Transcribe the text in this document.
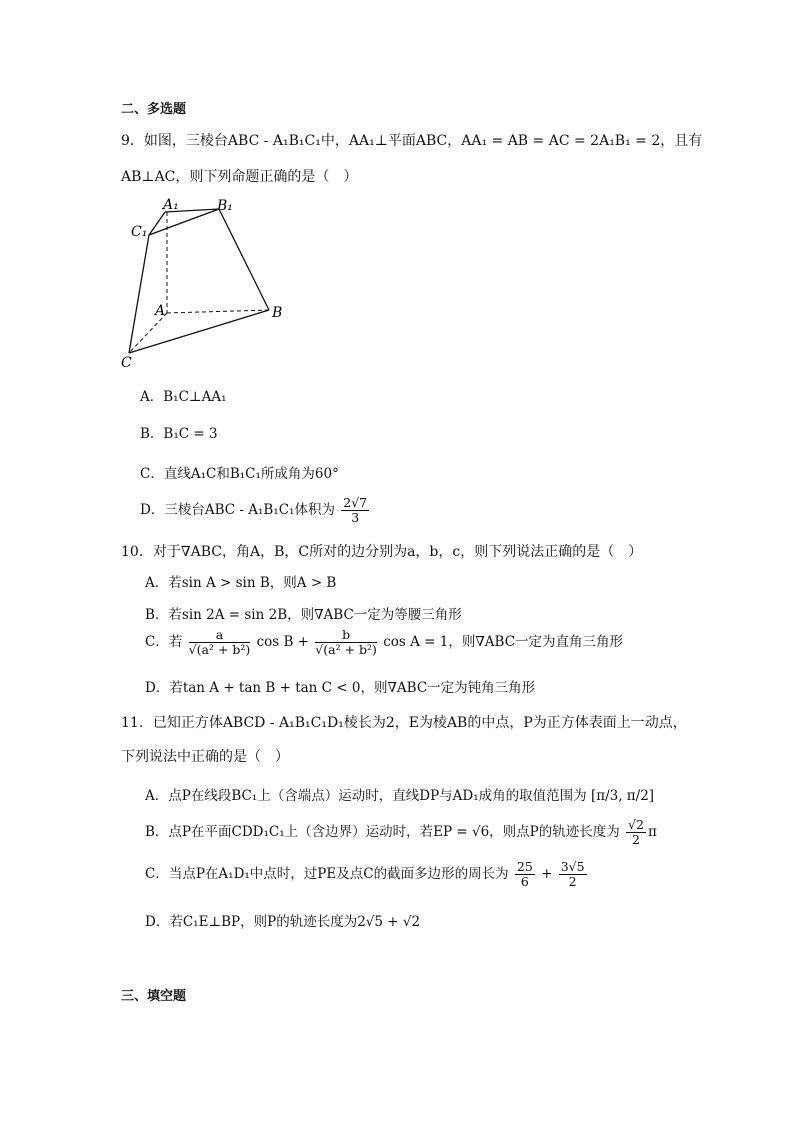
二、多选题
9．如图，三棱台ABC - A₁B₁C₁中，AA₁⊥平面ABC，AA₁ = AB = AC = 2A₁B₁ = 2，且有
AB⊥AC，则下列命题正确的是（　）
A₁	B₁
C₁
A	B
C
A．B₁C⊥AA₁
B．B₁C = 3
C．直线A₁C和B₁C₁所成角为60°
D．三棱台ABC - A₁B₁C₁体积为 $\frac{2√7}{3}$
10．对于∇ABC，角A，B，C所对的边分别为a，b，c，则下列说法正确的是（　）
A．若sin A > sin B，则A > B
B．若sin 2A = sin 2B，则∇ABC一定为等腰三角形
C．若 $\frac{a}{\text{√(a² + b²)}}$ $\cos B + \frac{b}{\text{√(a² + b²)}}$ cos A = 1，则∇ABC一定为直角三角形
D．若tan A + tan B + tan C < 0，则∇ABC一定为钝角三角形
11．已知正方体ABCD - A₁B₁C₁D₁棱长为2，E为棱AB的中点，P为正方体表面上一动点，
下列说法中正确的是（　）
A．点P在线段BC₁上（含端点）运动时，直线DP与AD₁成角的取值范围为 [π/3, π/2]
B．点P在平面CDD₁C₁上（含边界）运动时，若EP = √6，则点P的轨迹长度为 $\frac{√2}{2}$ π
C．当点P在A₁D₁中点时，过PE及点C的截面多边形的周长为 $\frac{25}{6} + \frac{3√5}{2}$
D．若C₁E⊥BP，则P的轨迹长度为2√5 + √2
三、填空题
